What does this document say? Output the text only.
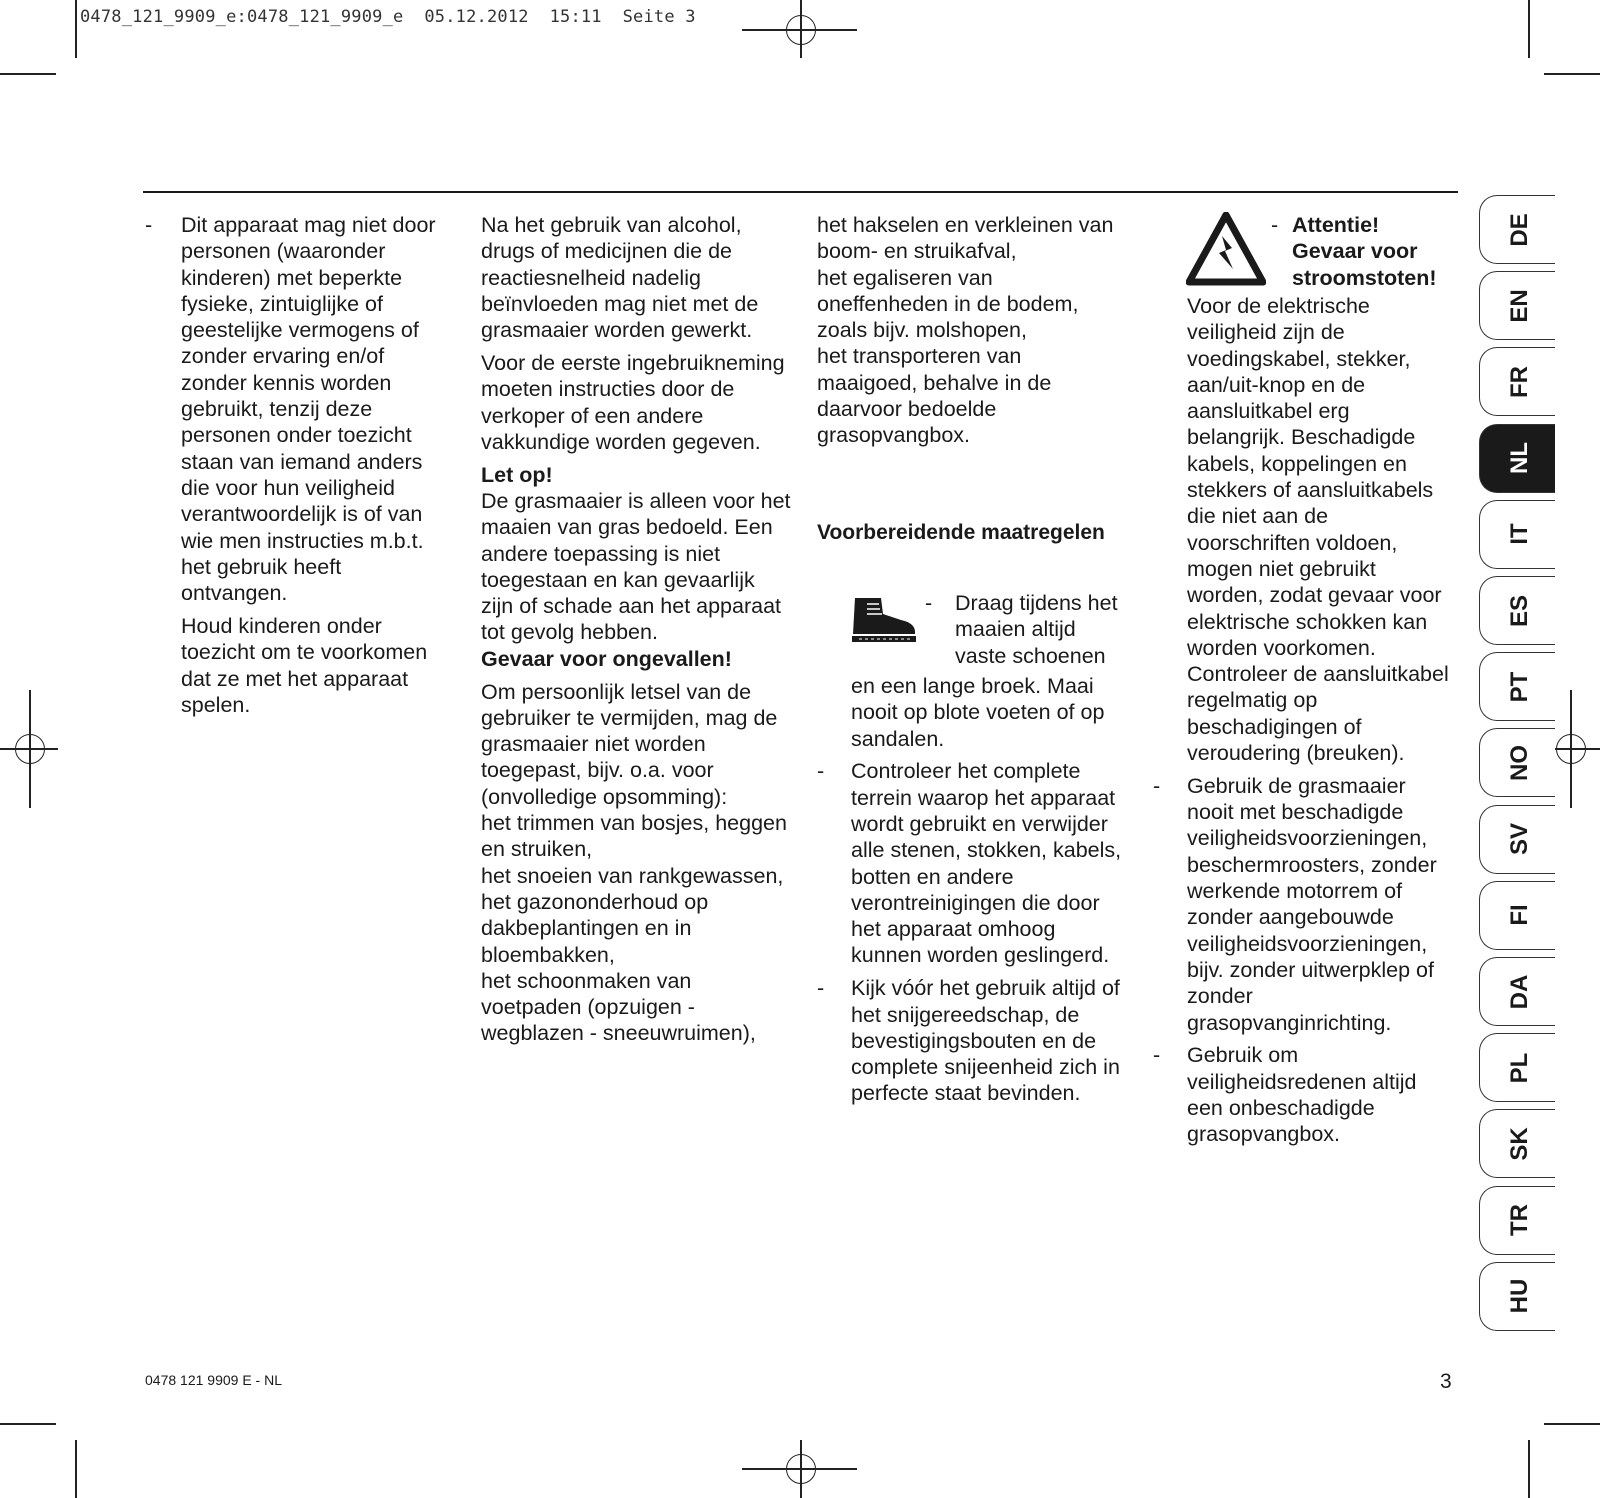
0478_121_9909_e:0478_121_9909_e  05.12.2012  15:11  Seite 3
- Dit apparaat mag niet door personen (waaronder kinderen) met beperkte fysieke, zintuiglijke of geestelijke vermogens of zonder ervaring en/of zonder kennis worden gebruikt, tenzij deze personen onder toezicht staan van iemand anders die voor hun veiligheid verantwoordelijk is of van wie men instructies m.b.t. het gebruik heeft ontvangen.

Houd kinderen onder toezicht om te voorkomen dat ze met het apparaat spelen.

Na het gebruik van alcohol, drugs of medicijnen die de reactiesnelheid nadelig beïnvloeden mag niet met de grasmaaier worden gewerkt.

Voor de eerste ingebruikneming moeten instructies door de verkoper of een andere vakkundige worden gegeven.

Let op!
De grasmaaier is alleen voor het maaien van gras bedoeld. Een andere toepassing is niet toegestaan en kan gevaarlijk zijn of schade aan het apparaat tot gevolg hebben.

Gevaar voor ongevallen!

Om persoonlijk letsel van de gebruiker te vermijden, mag de grasmaaier niet worden toegepast, bijv. o.a. voor (onvolledige opsomming):
het trimmen van bosjes, heggen en struiken,
het snoeien van rankgewassen,
het gazononderhoud op dakbeplantingen en in bloembakken,
het schoonmaken van voetpaden (opzuigen - wegblazen - sneeuwruimen),
het hakselen en verkleinen van boom- en struikafval,
het egaliseren van oneffenheden in de bodem, zoals bijv. molshopen,
het transporteren van maaigoed, behalve in de daarvoor bedoelde grasopvangbox.
Voorbereidende maatregelen
- Draag tijdens het maaien altijd vaste schoenen

en een lange broek. Maai nooit op blote voeten of op sandalen.

- Controleer het complete terrein waarop het apparaat wordt gebruikt en verwijder alle stenen, stokken, kabels, botten en andere verontreinigingen die door het apparaat omhoog kunnen worden geslingerd.
- Kijk vóór het gebruik altijd of het snijgereedschap, de bevestigingsbouten en de complete snijeenheid zich in perfecte staat bevinden.
- Attentie! Gevaar voor stroomstoten!

Voor de elektrische veiligheid zijn de voedingskabel, stekker, aan/uit-knop en de aansluitkabel erg belangrijk. Beschadigde kabels, koppelingen en stekkers of aansluitkabels die niet aan de voorschriften voldoen, mogen niet gebruikt worden, zodat gevaar voor elektrische schokken kan worden voorkomen. Controleer de aansluitkabel regelmatig op beschadigingen of veroudering (breuken).

- Gebruik de grasmaaier nooit met beschadigde veiligheidsvoorzieningen, beschermroosters, zonder werkende motorrem of zonder aangebouwde veiligheidsvoorzieningen, bijv. zonder uitwerpklep of zonder grasopvanginrichting.
- Gebruik om veiligheidsredenen altijd een onbeschadigde grasopvangbox.
DE
EN
FR
NL
IT
ES
PT
NO
SV
FI
DA
PL
SK
TR
HU
0478 121 9909 E - NL	3
